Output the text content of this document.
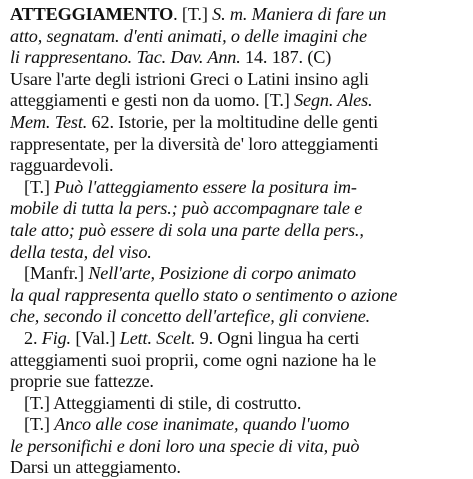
ATTEGGIAMENTO. [T.] S. m. Maniera di fare un
atto, segnatam. d'enti animati, o delle imagini che
li rappresentano. Tac. Dav. Ann. 14. 187. (C)
Usare l'arte degli istrioni Greci o Latini insino agli
atteggiamenti e gesti non da uomo. [T.] Segn. Ales.
Mem. Test. 62. Istorie, per la moltitudine delle genti
rappresentate, per la diversità de' loro atteggiamenti
ragguardevoli.
[T.] Può l'atteggiamento essere la positura im-
mobile di tutta la pers.; può accompagnare tale e
tale atto; può essere di sola una parte della pers.,
della testa, del viso.
[Manfr.] Nell'arte, Posizione di corpo animato
la qual rappresenta quello stato o sentimento o azione
che, secondo il concetto dell'artefice, gli conviene.
2. Fig. [Val.] Lett. Scelt. 9. Ogni lingua ha certi
atteggiamenti suoi proprii, come ogni nazione ha le
proprie sue fattezze.
[T.] Atteggiamenti di stile, di costrutto.
[T.] Anco alle cose inanimate, quando l'uomo
le personifichi e doni loro una specie di vita, può
Darsi un atteggiamento.
